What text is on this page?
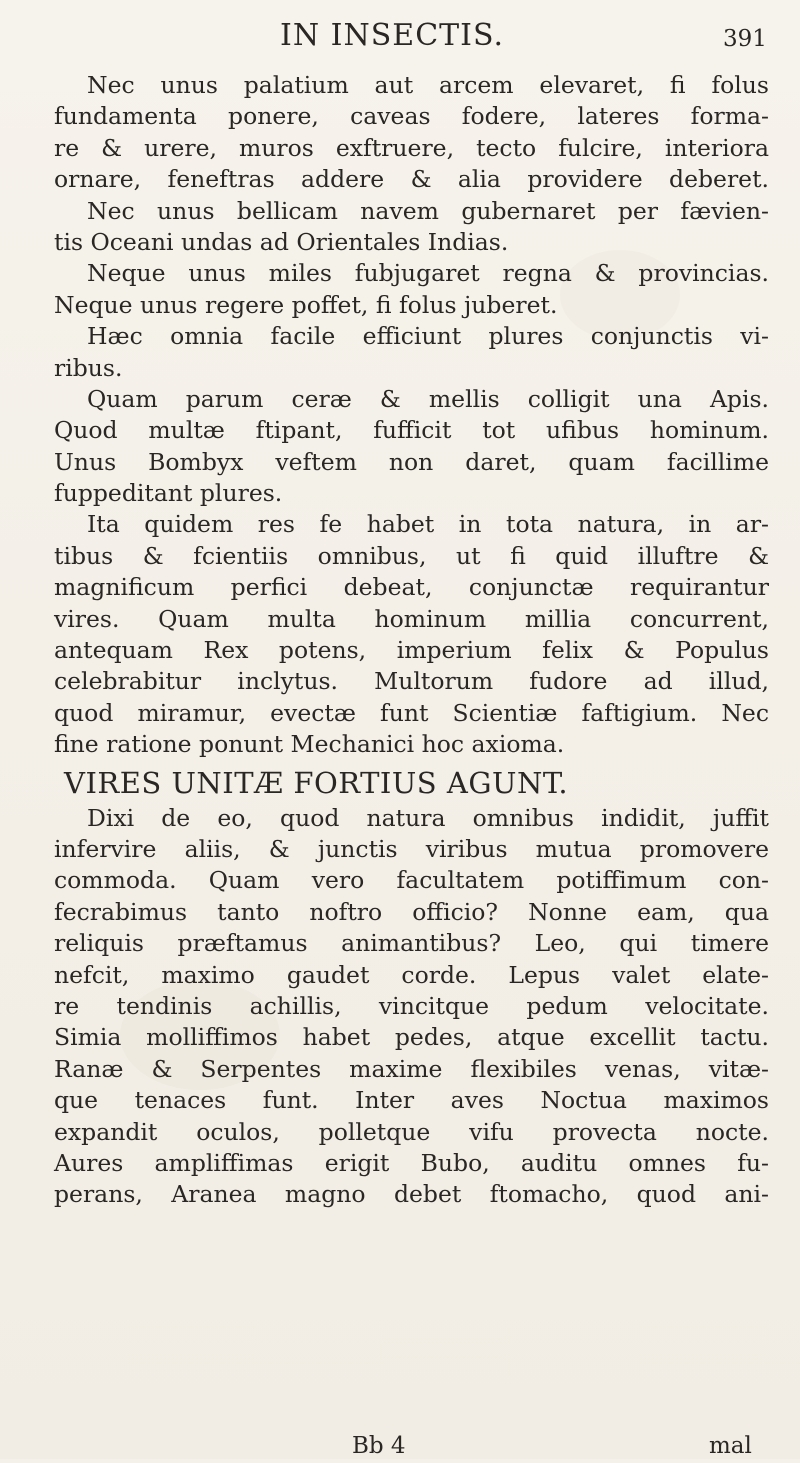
IN INSECTIS.	391
Nec unus palatium aut arcem elevaret, fi folus
fundamenta ponere, caveas fodere, lateres forma-
re & urere, muros exftruere, tecto fulcire, interiora
ornare, feneftras addere & alia providere deberet.
Nec unus bellicam navem gubernaret per fævien-
tis Oceani undas ad Orientales Indias.
Neque unus miles fubjugaret regna & provincias.
Neque unus regere poffet, fi folus juberet.
Hæc omnia facile efficiunt plures conjunctis vi-
ribus.
Quam parum ceræ & mellis colligit una Apis.
Quod multæ ftipant, fufficit tot ufibus hominum.
Unus Bombyx veftem non daret, quam facillime
fuppeditant plures.
Ita quidem res fe habet in tota natura, in ar-
tibus & fcientiis omnibus, ut fi quid illuftre &
magnificum perfici debeat, conjunctæ requirantur
vires. Quam multa hominum millia concurrent,
antequam Rex potens, imperium felix & Populus
celebrabitur inclytus. Multorum fudore ad illud,
quod miramur, evectæ funt Scientiæ faftigium. Nec
fine ratione ponunt Mechanici hoc axioma.
VIRES UNITÆ FORTIUS AGUNT.
Dixi de eo, quod natura omnibus indidit, juffit
infervire aliis, & junctis viribus mutua promovere
commoda. Quam vero facultatem potiffimum con-
fecrabimus tanto noftro officio? Nonne eam, qua
reliquis præftamus animantibus? Leo, qui timere
nefcit, maximo gaudet corde. Lepus valet elate-
re tendinis achillis, vincitque pedum velocitate.
Simia molliffimos habet pedes, atque excellit tactu.
Ranæ & Serpentes maxime flexibiles venas, vitæ-
que tenaces funt. Inter aves Noctua maximos
expandit oculos, polletque vifu provecta nocte.
Aures ampliffimas erigit Bubo, auditu omnes fu-
perans, Aranea magno debet ftomacho, quod ani-
Bb 4	mal
